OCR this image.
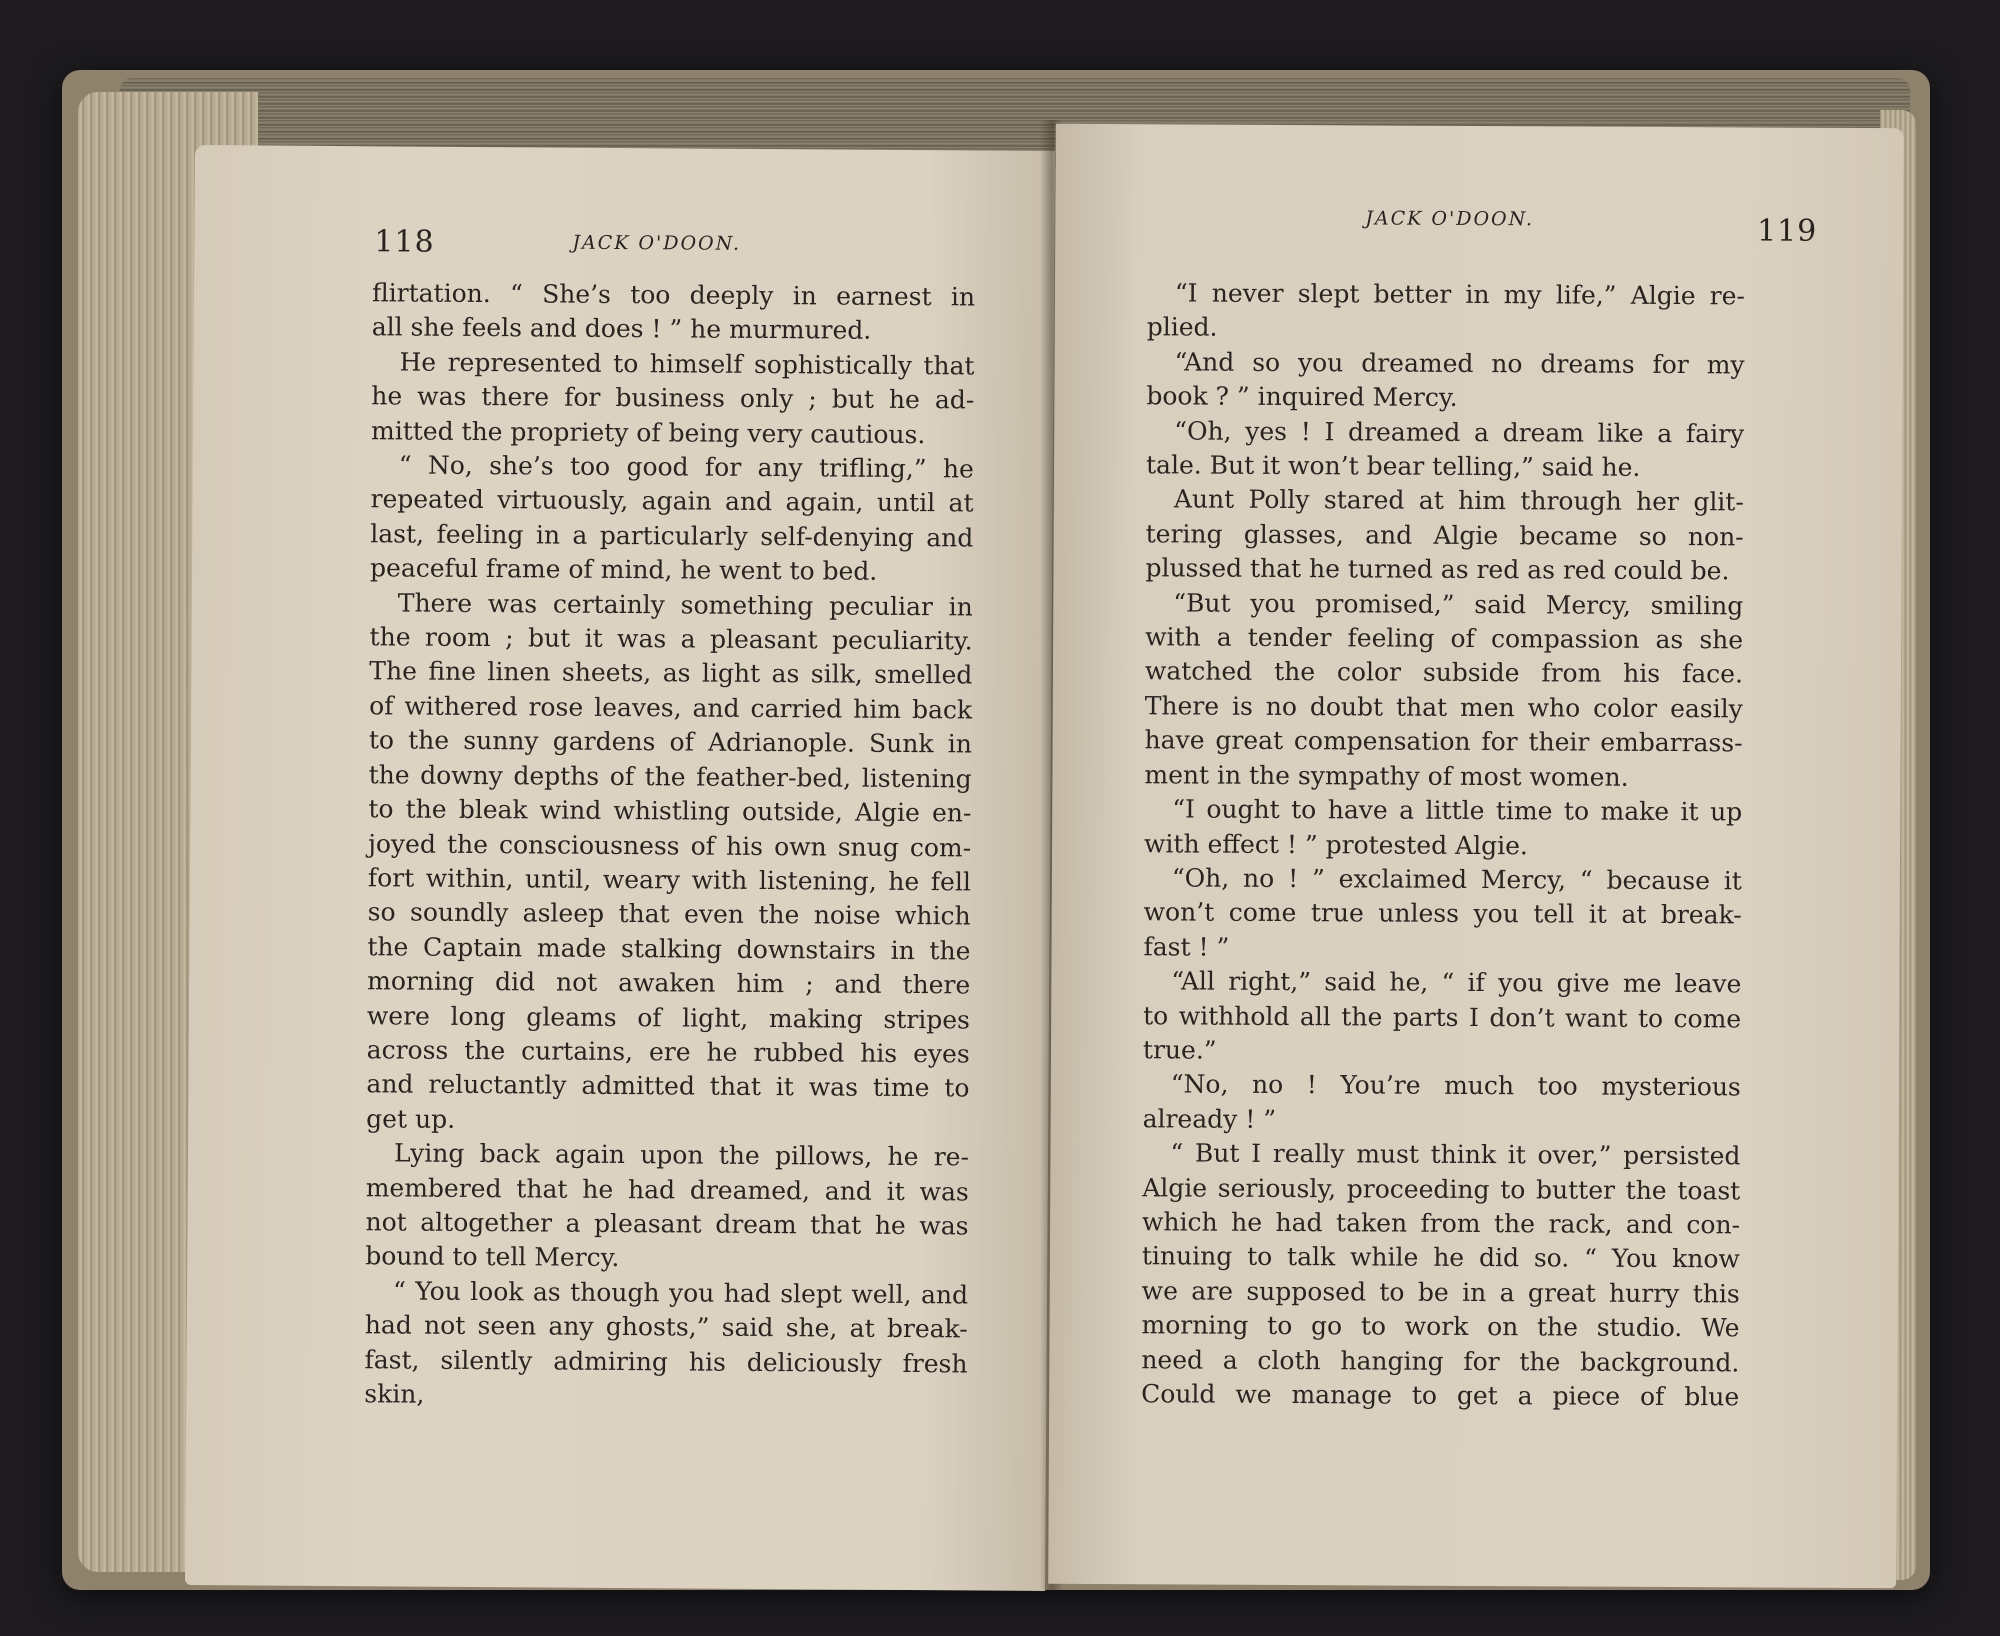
118	JACK O'DOON.
flirtation. “ She’s too deeply in earnest in
all she feels and does ! ” he murmured.
He represented to himself sophistically that
he was there for business only ; but he ad-
mitted the propriety of being very cautious.
“ No, she’s too good for any trifling,” he
repeated virtuously, again and again, until at
last, feeling in a particularly self-denying and
peaceful frame of mind, he went to bed.
There was certainly something peculiar in
the room ; but it was a pleasant peculiarity.
The fine linen sheets, as light as silk, smelled
of withered rose leaves, and carried him back
to the sunny gardens of Adrianople. Sunk in
the downy depths of the feather-bed, listening
to the bleak wind whistling outside, Algie en-
joyed the consciousness of his own snug com-
fort within, until, weary with listening, he fell
so soundly asleep that even the noise which
the Captain made stalking downstairs in the
morning did not awaken him ; and there
were long gleams of light, making stripes
across the curtains, ere he rubbed his eyes
and reluctantly admitted that it was time to
get up.
Lying back again upon the pillows, he re-
membered that he had dreamed, and it was
not altogether a pleasant dream that he was
bound to tell Mercy.
“ You look as though you had slept well, and
had not seen any ghosts,” said she, at break-
fast, silently admiring his deliciously fresh
skin,
JACK O'DOON.	119
“I never slept better in my life,” Algie re-
plied.
“And so you dreamed no dreams for my
book ? ” inquired Mercy.
“Oh, yes ! I dreamed a dream like a fairy
tale. But it won’t bear telling,” said he.
Aunt Polly stared at him through her glit-
tering glasses, and Algie became so non-
plussed that he turned as red as red could be.
“But you promised,” said Mercy, smiling
with a tender feeling of compassion as she
watched the color subside from his face.
There is no doubt that men who color easily
have great compensation for their embarrass-
ment in the sympathy of most women.
“I ought to have a little time to make it up
with effect ! ” protested Algie.
“Oh, no ! ” exclaimed Mercy, “ because it
won’t come true unless you tell it at break-
fast ! ”
“All right,” said he, “ if you give me leave
to withhold all the parts I don’t want to come
true.”
“No, no ! You’re much too mysterious
already ! ”
“ But I really must think it over,” persisted
Algie seriously, proceeding to butter the toast
which he had taken from the rack, and con-
tinuing to talk while he did so. “ You know
we are supposed to be in a great hurry this
morning to go to work on the studio. We
need a cloth hanging for the background.
Could we manage to get a piece of blue
